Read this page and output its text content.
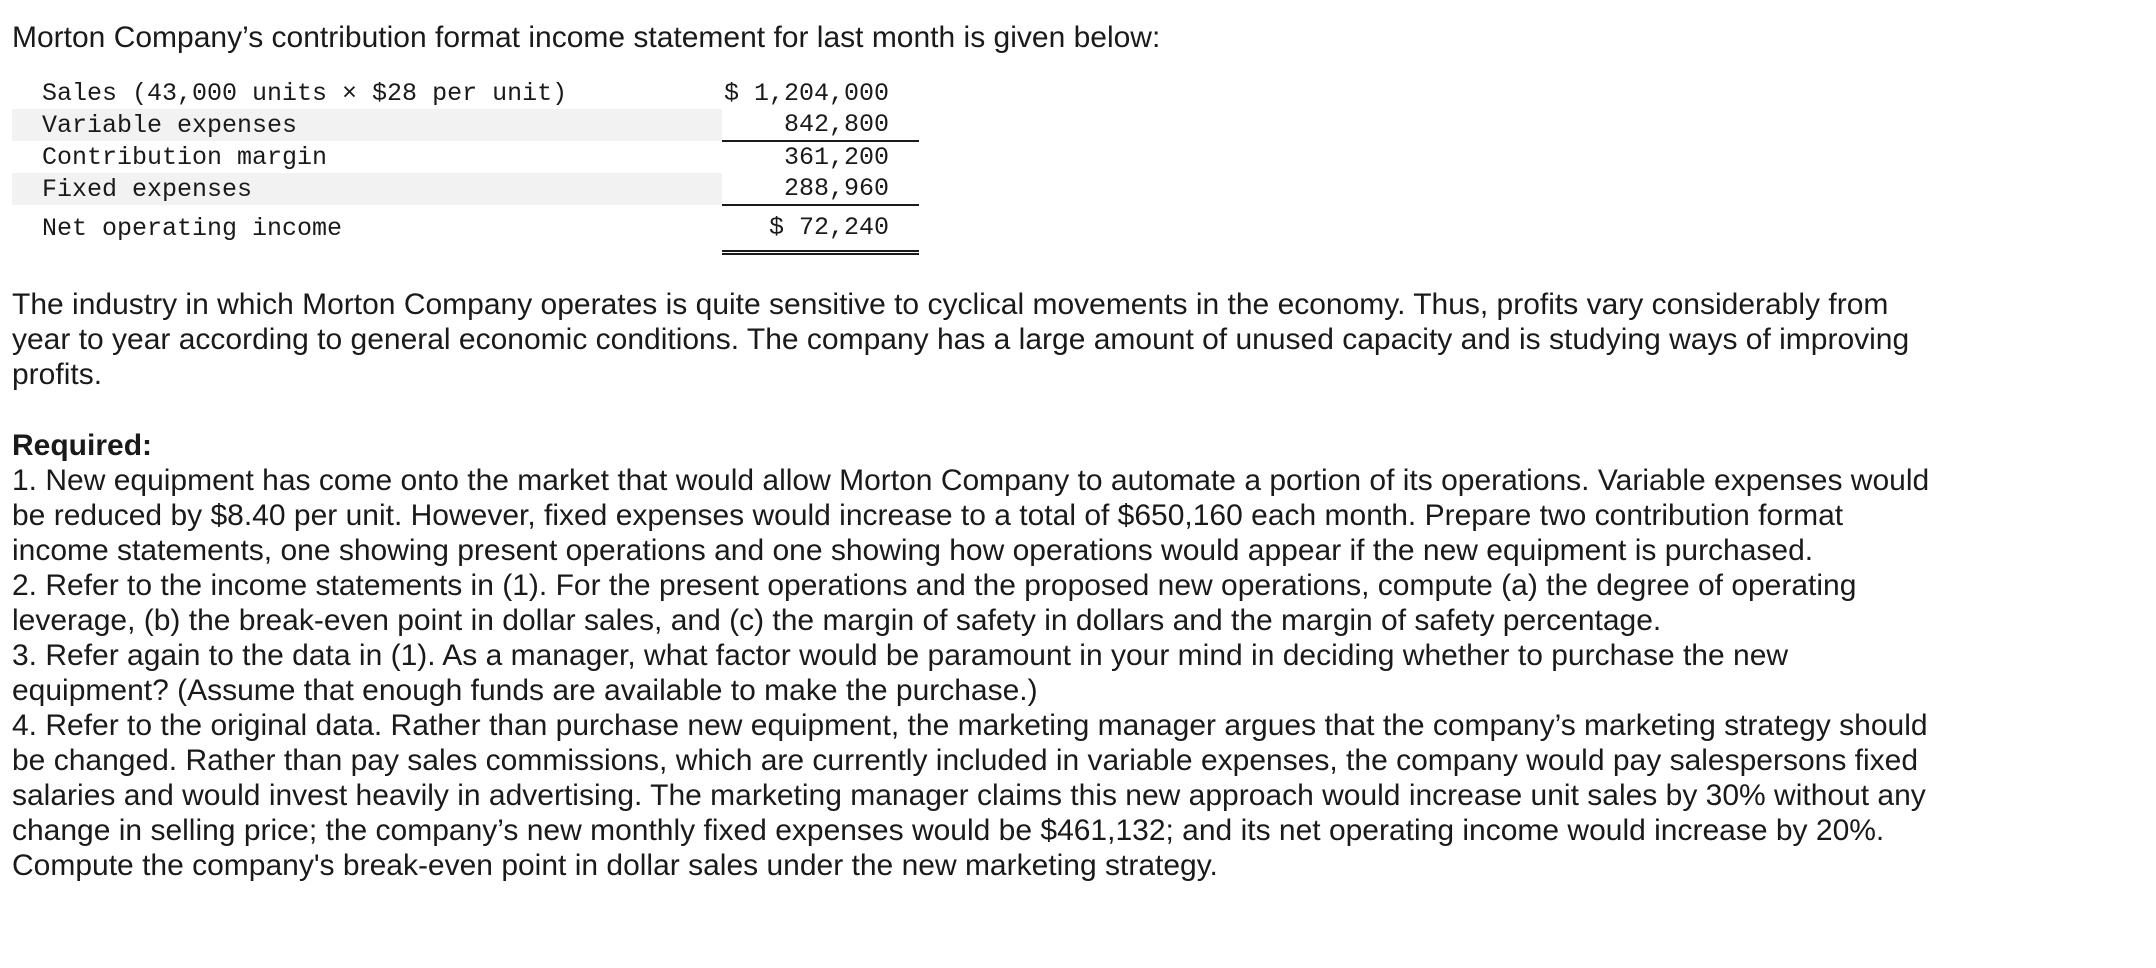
Morton Company’s contribution format income statement for last month is given below:

Sales (43,000 units × $28 per unit)	$ 1,204,000
Variable expenses	842,800
Contribution margin	361,200
Fixed expenses	288,960
Net operating income	$ 72,240

The industry in which Morton Company operates is quite sensitive to cyclical movements in the economy. Thus, profits vary considerably from year to year according to general economic conditions. The company has a large amount of unused capacity and is studying ways of improving profits.

Required:

1. New equipment has come onto the market that would allow Morton Company to automate a portion of its operations. Variable expenses would be reduced by $8.40 per unit. However, fixed expenses would increase to a total of $650,160 each month. Prepare two contribution format income statements, one showing present operations and one showing how operations would appear if the new equipment is purchased.

2. Refer to the income statements in (1). For the present operations and the proposed new operations, compute (a) the degree of operating leverage, (b) the break-even point in dollar sales, and (c) the margin of safety in dollars and the margin of safety percentage.

3. Refer again to the data in (1). As a manager, what factor would be paramount in your mind in deciding whether to purchase the new equipment? (Assume that enough funds are available to make the purchase.)

4. Refer to the original data. Rather than purchase new equipment, the marketing manager argues that the company’s marketing strategy should be changed. Rather than pay sales commissions, which are currently included in variable expenses, the company would pay salespersons fixed salaries and would invest heavily in advertising. The marketing manager claims this new approach would increase unit sales by 30% without any change in selling price; the company’s new monthly fixed expenses would be $461,132; and its net operating income would increase by 20%. Compute the company's break-even point in dollar sales under the new marketing strategy.
